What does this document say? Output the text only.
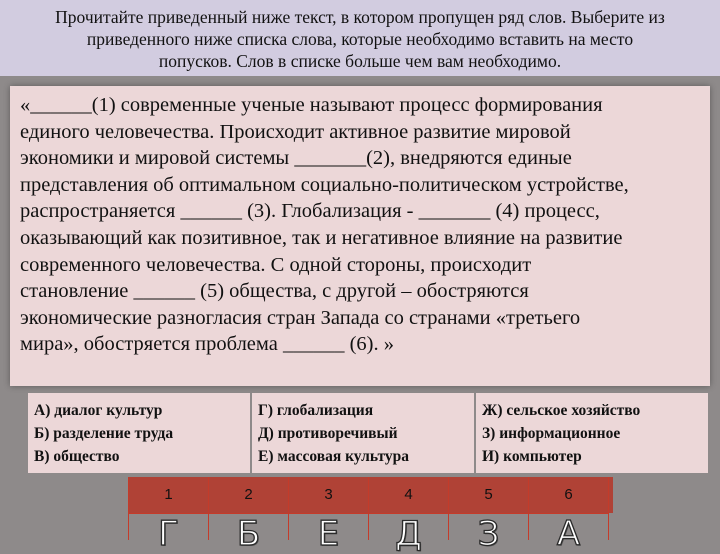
Прочитайте приведенный ниже текст, в котором пропущен ряд слов. Выберите из
приведенного ниже списка слова, которые необходимо вставить на место
попусков. Слов в списке больше чем вам необходимо.
«______(1) современные ученые называют процесс формирования
единого человечества. Происходит активное развитие мировой
экономики и мировой системы _______(2), внедряются единые
представления об оптимальном социально-политическом устройстве,
распространяется ______ (3). Глобализация - _______ (4) процесс,
оказывающий как позитивное, так и негативное влияние на развитие
современного человечества. С одной стороны, происходит
становление ______ (5) общества, с другой – обостряются
экономические разногласия стран Запада со странами «третьего
мира», обостряется проблема ______ (6). »
А) диалог культур
Б) разделение труда
В) общество
Г) глобализация
Д) противоречивый
Е) массовая культура
Ж) сельское хозяйство
З) информационное
И) компьютер
1
Г
2
Б
3
Е
4
Д
5
З
6
А
